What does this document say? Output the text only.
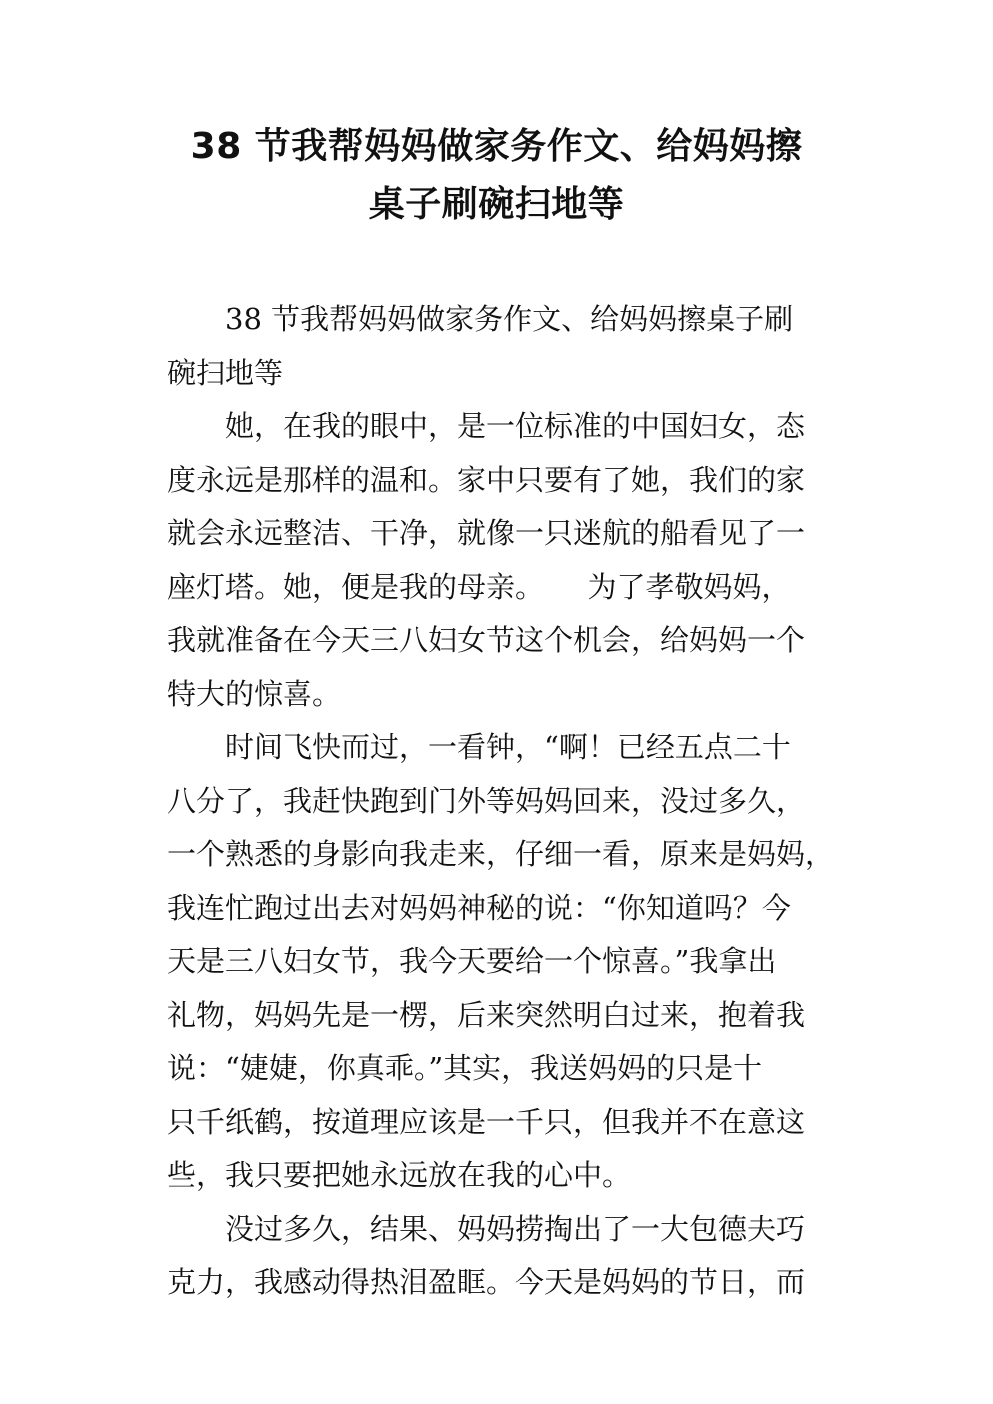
38 节我帮妈妈做家务作文、给妈妈擦
桌子刷碗扫地等
　　38 节我帮妈妈做家务作文、给妈妈擦桌子刷
碗扫地等
　　她，在我的眼中，是一位标准的中国妇女，态
度永远是那样的温和。家中只要有了她，我们的家
就会永远整洁、干净，就像一只迷航的船看见了一
座灯塔。她，便是我的母亲。　　为了孝敬妈妈，
我就准备在今天三八妇女节这个机会，给妈妈一个
特大的惊喜。
　　时间飞快而过，一看钟，“啊！已经五点二十
八分了，我赶快跑到门外等妈妈回来，没过多久，
一个熟悉的身影向我走来，仔细一看，原来是妈妈，
我连忙跑过出去对妈妈神秘的说：“你知道吗？今
天是三八妇女节，我今天要给一个惊喜。”我拿出
礼物，妈妈先是一楞，后来突然明白过来，抱着我
说：“婕婕，你真乖。”其实，我送妈妈的只是十
只千纸鹤，按道理应该是一千只，但我并不在意这
些，我只要把她永远放在我的心中。
　　没过多久，结果、妈妈捞掏出了一大包德夫巧
克力，我感动得热泪盈眶。今天是妈妈的节日，而
